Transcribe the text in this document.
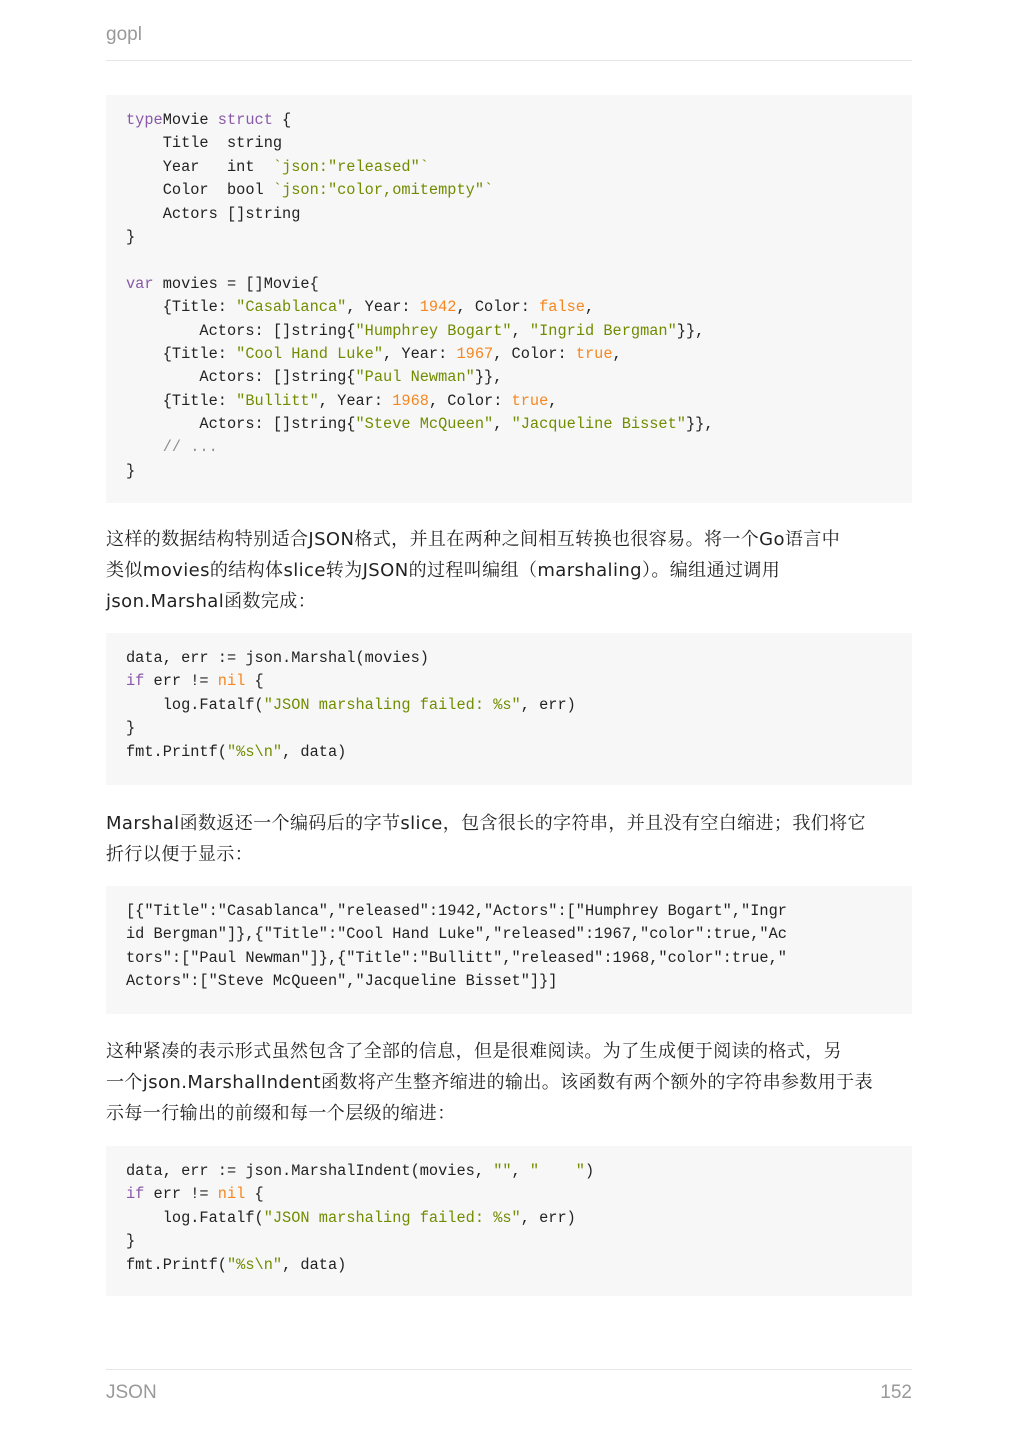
gopl
typeMovie struct {
Title  string
Year   int  `json:"released"`
Color  bool `json:"color,omitempty"`
Actors []string
}
var movies = []Movie{
{Title: "Casablanca", Year: 1942, Color: false,
Actors: []string{"Humphrey Bogart", "Ingrid Bergman"}},
{Title: "Cool Hand Luke", Year: 1967, Color: true,
Actors: []string{"Paul Newman"}},
{Title: "Bullitt", Year: 1968, Color: true,
Actors: []string{"Steve McQueen", "Jacqueline Bisset"}},
// ...
}
这样的数据结构特别适合JSON格式，并且在两种之间相互转换也很容易。将一个Go语言中
类似movies的结构体slice转为JSON的过程叫编组（marshaling）。编组通过调用
json.Marshal函数完成：
data, err := json.Marshal(movies)
if err != nil {
log.Fatalf("JSON marshaling failed: %s", err)
}
fmt.Printf("%s\n", data)
Marshal函数返还一个编码后的字节slice，包含很长的字符串，并且没有空白缩进；我们将它
折行以便于显示：
[{"Title":"Casablanca","released":1942,"Actors":["Humphrey Bogart","Ingr
id Bergman"]},{"Title":"Cool Hand Luke","released":1967,"color":true,"Ac
tors":["Paul Newman"]},{"Title":"Bullitt","released":1968,"color":true,"
Actors":["Steve McQueen","Jacqueline Bisset"]}]
这种紧凑的表示形式虽然包含了全部的信息，但是很难阅读。为了生成便于阅读的格式，另
一个json.MarshalIndent函数将产生整齐缩进的输出。该函数有两个额外的字符串参数用于表
示每一行输出的前缀和每一个层级的缩进：
data, err := json.MarshalIndent(movies, "", "    ")
if err != nil {
log.Fatalf("JSON marshaling failed: %s", err)
}
fmt.Printf("%s\n", data)
JSON	152
